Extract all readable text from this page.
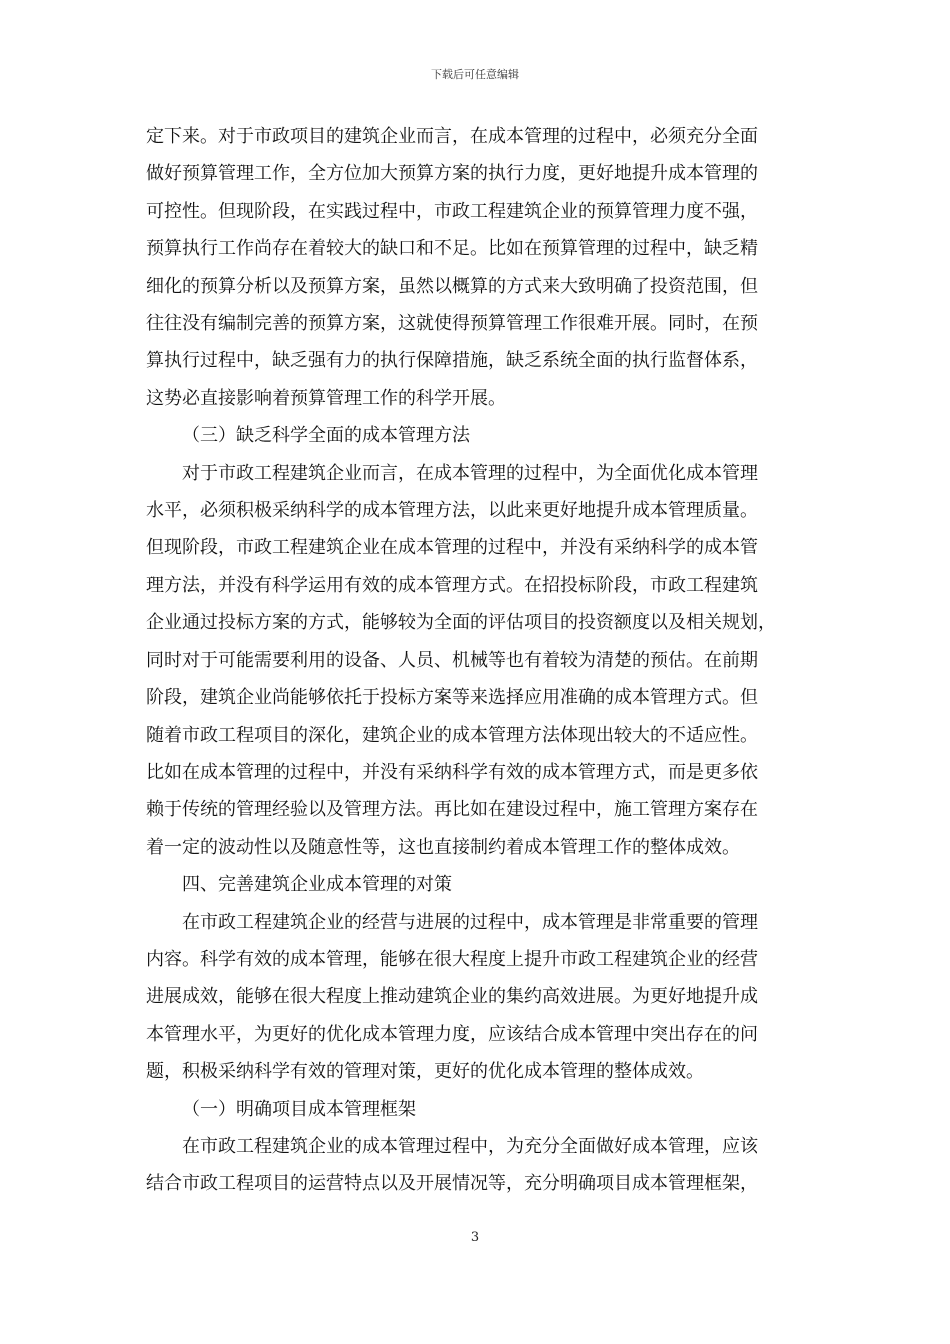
下载后可任意编辑

定下来。对于市政项目的建筑企业而言，在成本管理的过程中，必须充分全面

做好预算管理工作，全方位加大预算方案的执行力度，更好地提升成本管理的

可控性。但现阶段，在实践过程中，市政工程建筑企业的预算管理力度不强，

预算执行工作尚存在着较大的缺口和不足。比如在预算管理的过程中，缺乏精

细化的预算分析以及预算方案，虽然以概算的方式来大致明确了投资范围，但

往往没有编制完善的预算方案，这就使得预算管理工作很难开展。同时，在预

算执行过程中，缺乏强有力的执行保障措施，缺乏系统全面的执行监督体系，

这势必直接影响着预算管理工作的科学开展。

（三）缺乏科学全面的成本管理方法

对于市政工程建筑企业而言，在成本管理的过程中，为全面优化成本管理

水平，必须积极采纳科学的成本管理方法，以此来更好地提升成本管理质量。

但现阶段，市政工程建筑企业在成本管理的过程中，并没有采纳科学的成本管

理方法，并没有科学运用有效的成本管理方式。在招投标阶段，市政工程建筑

企业通过投标方案的方式，能够较为全面的评估项目的投资额度以及相关规划，

同时对于可能需要利用的设备、人员、机械等也有着较为清楚的预估。在前期

阶段，建筑企业尚能够依托于投标方案等来选择应用准确的成本管理方式。但

随着市政工程项目的深化，建筑企业的成本管理方法体现出较大的不适应性。

比如在成本管理的过程中，并没有采纳科学有效的成本管理方式，而是更多依

赖于传统的管理经验以及管理方法。再比如在建设过程中，施工管理方案存在

着一定的波动性以及随意性等，这也直接制约着成本管理工作的整体成效。

四、完善建筑企业成本管理的对策

在市政工程建筑企业的经营与进展的过程中，成本管理是非常重要的管理

内容。科学有效的成本管理，能够在很大程度上提升市政工程建筑企业的经营

进展成效，能够在很大程度上推动建筑企业的集约高效进展。为更好地提升成

本管理水平，为更好的优化成本管理力度，应该结合成本管理中突出存在的问

题，积极采纳科学有效的管理对策，更好的优化成本管理的整体成效。

（一）明确项目成本管理框架

在市政工程建筑企业的成本管理过程中，为充分全面做好成本管理，应该

结合市政工程项目的运营特点以及开展情况等，充分明确项目成本管理框架，

3
